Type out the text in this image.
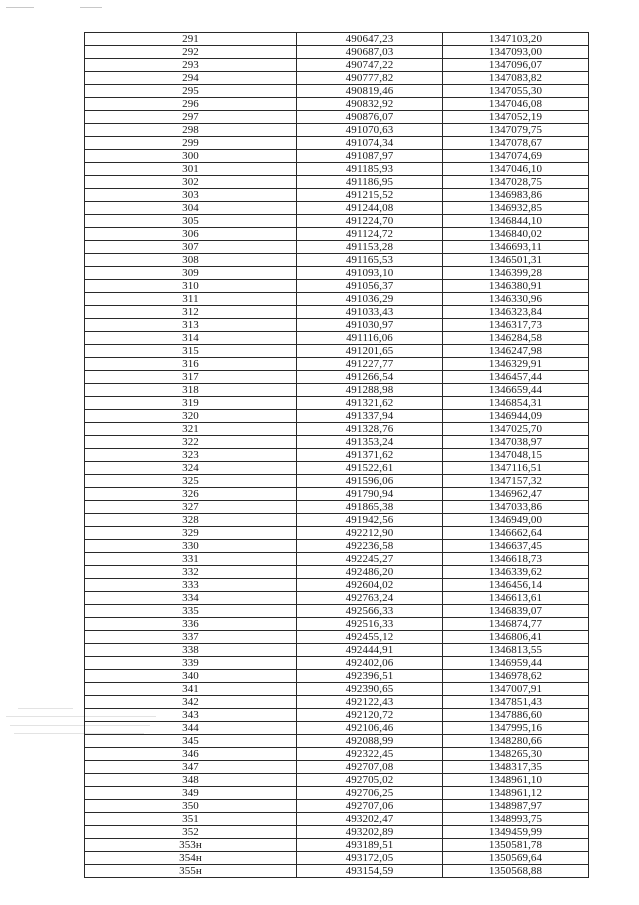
291	490647,23	1347103,20
292	490687,03	1347093,00
293	490747,22	1347096,07
294	490777,82	1347083,82
295	490819,46	1347055,30
296	490832,92	1347046,08
297	490876,07	1347052,19
298	491070,63	1347079,75
299	491074,34	1347078,67
300	491087,97	1347074,69
301	491185,93	1347046,10
302	491186,95	1347028,75
303	491215,52	1346983,86
304	491244,08	1346932,85
305	491224,70	1346844,10
306	491124,72	1346840,02
307	491153,28	1346693,11
308	491165,53	1346501,31
309	491093,10	1346399,28
310	491056,37	1346380,91
311	491036,29	1346330,96
312	491033,43	1346323,84
313	491030,97	1346317,73
314	491116,06	1346284,58
315	491201,65	1346247,98
316	491227,77	1346329,91
317	491266,54	1346457,44
318	491288,98	1346659,44
319	491321,62	1346854,31
320	491337,94	1346944,09
321	491328,76	1347025,70
322	491353,24	1347038,97
323	491371,62	1347048,15
324	491522,61	1347116,51
325	491596,06	1347157,32
326	491790,94	1346962,47
327	491865,38	1347033,86
328	491942,56	1346949,00
329	492212,90	1346662,64
330	492236,58	1346637,45
331	492245,27	1346618,73
332	492486,20	1346339,62
333	492604,02	1346456,14
334	492763,24	1346613,61
335	492566,33	1346839,07
336	492516,33	1346874,77
337	492455,12	1346806,41
338	492444,91	1346813,55
339	492402,06	1346959,44
340	492396,51	1346978,62
341	492390,65	1347007,91
342	492122,43	1347851,43
343	492120,72	1347886,60
344	492106,46	1347995,16
345	492088,99	1348280,66
346	492322,45	1348265,30
347	492707,08	1348317,35
348	492705,02	1348961,10
349	492706,25	1348961,12
350	492707,06	1348987,97
351	493202,47	1348993,75
352	493202,89	1349459,99
353н	493189,51	1350581,78
354н	493172,05	1350569,64
355н	493154,59	1350568,88
